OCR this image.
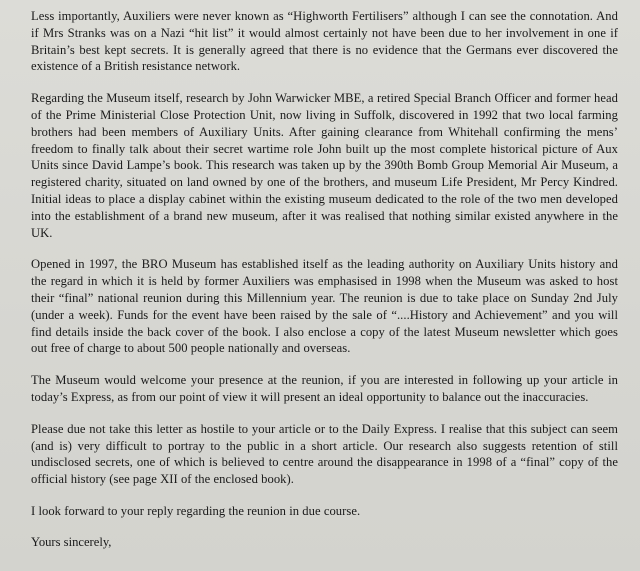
Less importantly, Auxiliers were never known as “Highworth Fertilisers” although I can see the connotation. And if Mrs Stranks was on a Nazi “hit list” it would almost certainly not have been due to her involvement in one if Britain’s best kept secrets. It is generally agreed that there is no evidence that the Germans ever discovered the existence of a British resistance network.

Regarding the Museum itself, research by John Warwicker MBE, a retired Special Branch Officer and former head of the Prime Ministerial Close Protection Unit, now living in Suffolk, discovered in 1992 that two local farming brothers had been members of Auxiliary Units. After gaining clearance from Whitehall confirming the mens’ freedom to finally talk about their secret wartime role John built up the most complete historical picture of Aux Units since David Lampe’s book. This research was taken up by the 390th Bomb Group Memorial Air Museum, a registered charity, situated on land owned by one of the brothers, and museum Life President, Mr Percy Kindred. Initial ideas to place a display cabinet within the existing museum dedicated to the role of the two men developed into the establishment of a brand new museum, after it was realised that nothing similar existed anywhere in the UK.

Opened in 1997, the BRO Museum has established itself as the leading authority on Auxiliary Units history and the regard in which it is held by former Auxiliers was emphasised in 1998 when the Museum was asked to host their “final” national reunion during this Millennium year. The reunion is due to take place on Sunday 2nd July (under a week). Funds for the event have been raised by the sale of “....History and Achievement” and you will find details inside the back cover of the book. I also enclose a copy of the latest Museum newsletter which goes out free of charge to about 500 people nationally and overseas.

The Museum would welcome your presence at the reunion, if you are interested in following up your article in today’s Express, as from our point of view it will present an ideal opportunity to balance out the inaccuracies.

Please due not take this letter as hostile to your article or to the Daily Express. I realise that this subject can seem (and is) very difficult to portray to the public in a short article. Our research also suggests retention of still undisclosed secrets, one of which is believed to centre around the disappearance in 1998 of a “final” copy of the official history (see page XII of the enclosed book).

I look forward to your reply regarding the reunion in due course.

Yours sincerely,
